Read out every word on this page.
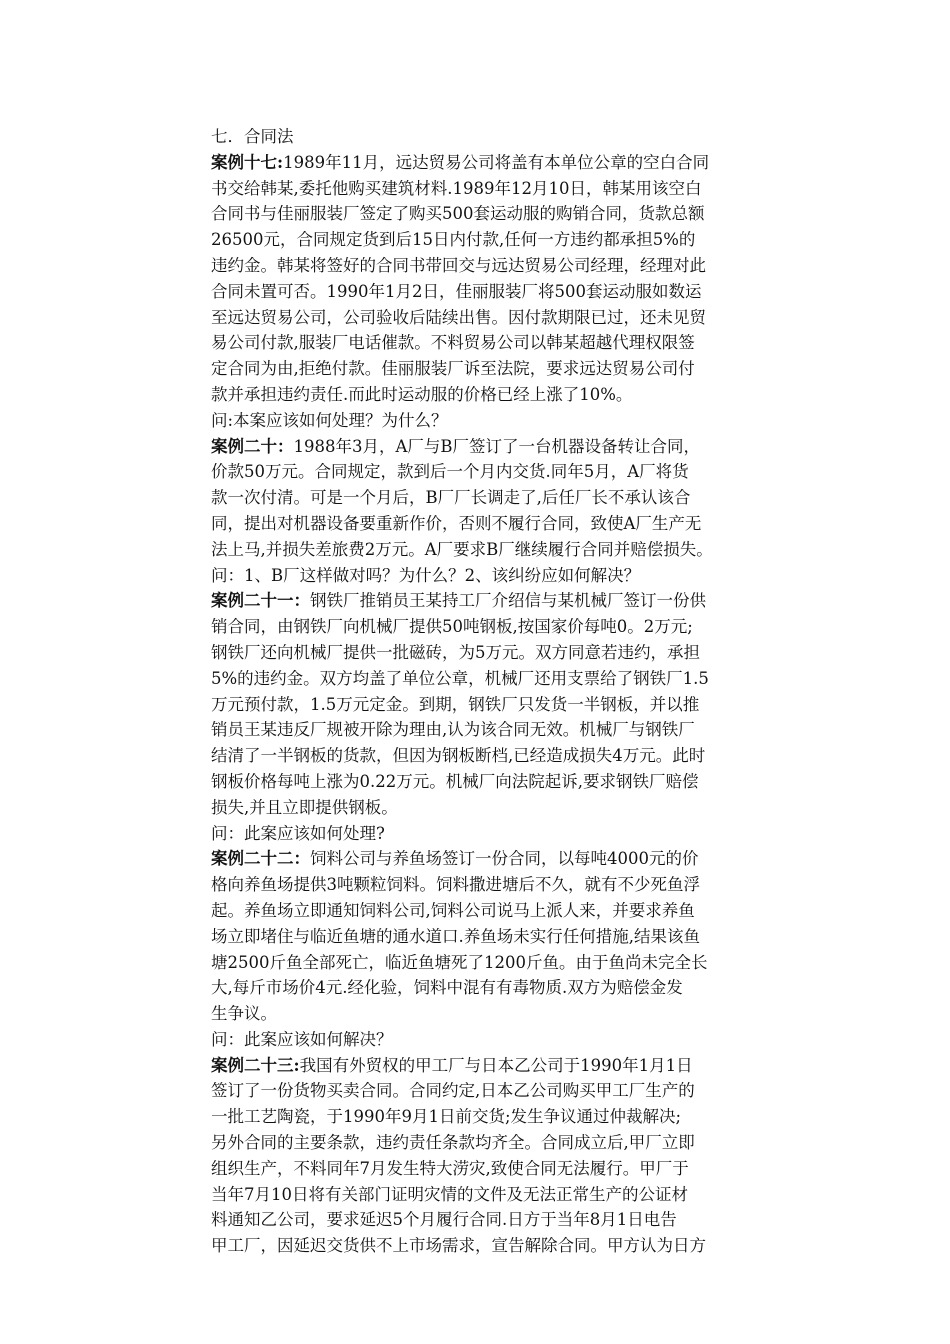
七．合同法
案例十七:1989年11月，远达贸易公司将盖有本单位公章的空白合同
书交给韩某,委托他购买建筑材料.1989年12月10日，韩某用该空白
合同书与佳丽服装厂签定了购买500套运动服的购销合同，货款总额
26500元，合同规定货到后15日内付款,任何一方违约都承担5%的
违约金。韩某将签好的合同书带回交与远达贸易公司经理，经理对此
合同未置可否。1990年1月2日，佳丽服装厂将500套运动服如数运
至远达贸易公司，公司验收后陆续出售。因付款期限已过，还未见贸
易公司付款,服装厂电话催款。不料贸易公司以韩某超越代理权限签
定合同为由,拒绝付款。佳丽服装厂诉至法院，要求远达贸易公司付
款并承担违约责任.而此时运动服的价格已经上涨了10%。
问:本案应该如何处理？为什么？
案例二十：1988年3月，A厂与B厂签订了一台机器设备转让合同，
价款50万元。合同规定，款到后一个月内交货.同年5月，A厂将货
款一次付清。可是一个月后，B厂厂长调走了,后任厂长不承认该合
同，提出对机器设备要重新作价，否则不履行合同，致使A厂生产无
法上马,并损失差旅费2万元。A厂要求B厂继续履行合同并赔偿损失。
问：1、B厂这样做对吗？为什么？2、该纠纷应如何解决？
案例二十一：钢铁厂推销员王某持工厂介绍信与某机械厂签订一份供
销合同，由钢铁厂向机械厂提供50吨钢板,按国家价每吨0。2万元;
钢铁厂还向机械厂提供一批磁砖，为5万元。双方同意若违约，承担
5%的违约金。双方均盖了单位公章，机械厂还用支票给了钢铁厂1.5
万元预付款，1.5万元定金。到期，钢铁厂只发货一半钢板，并以推
销员王某违反厂规被开除为理由,认为该合同无效。机械厂与钢铁厂
结清了一半钢板的货款，但因为钢板断档,已经造成损失4万元。此时
钢板价格每吨上涨为0.22万元。机械厂向法院起诉,要求钢铁厂赔偿
损失,并且立即提供钢板。
问：此案应该如何处理?
案例二十二：饲料公司与养鱼场签订一份合同，以每吨4000元的价
格向养鱼场提供3吨颗粒饲料。饲料撒进塘后不久，就有不少死鱼浮
起。养鱼场立即通知饲料公司,饲料公司说马上派人来，并要求养鱼
场立即堵住与临近鱼塘的通水道口.养鱼场未实行任何措施,结果该鱼
塘2500斤鱼全部死亡，临近鱼塘死了1200斤鱼。由于鱼尚未完全长
大,每斤市场价4元.经化验，饲料中混有有毒物质.双方为赔偿金发
生争议。
问：此案应该如何解决？
案例二十三:我国有外贸权的甲工厂与日本乙公司于1990年1月1日
签订了一份货物买卖合同。合同约定,日本乙公司购买甲工厂生产的
一批工艺陶瓷，于1990年9月1日前交货;发生争议通过仲裁解决;
另外合同的主要条款，违约责任条款均齐全。合同成立后,甲厂立即
组织生产，不料同年7月发生特大涝灾,致使合同无法履行。甲厂于
当年7月10日将有关部门证明灾情的文件及无法正常生产的公证材
料通知乙公司，要求延迟5个月履行合同.日方于当年8月1日电告
甲工厂，因延迟交货供不上市场需求，宣告解除合同。甲方认为日方
